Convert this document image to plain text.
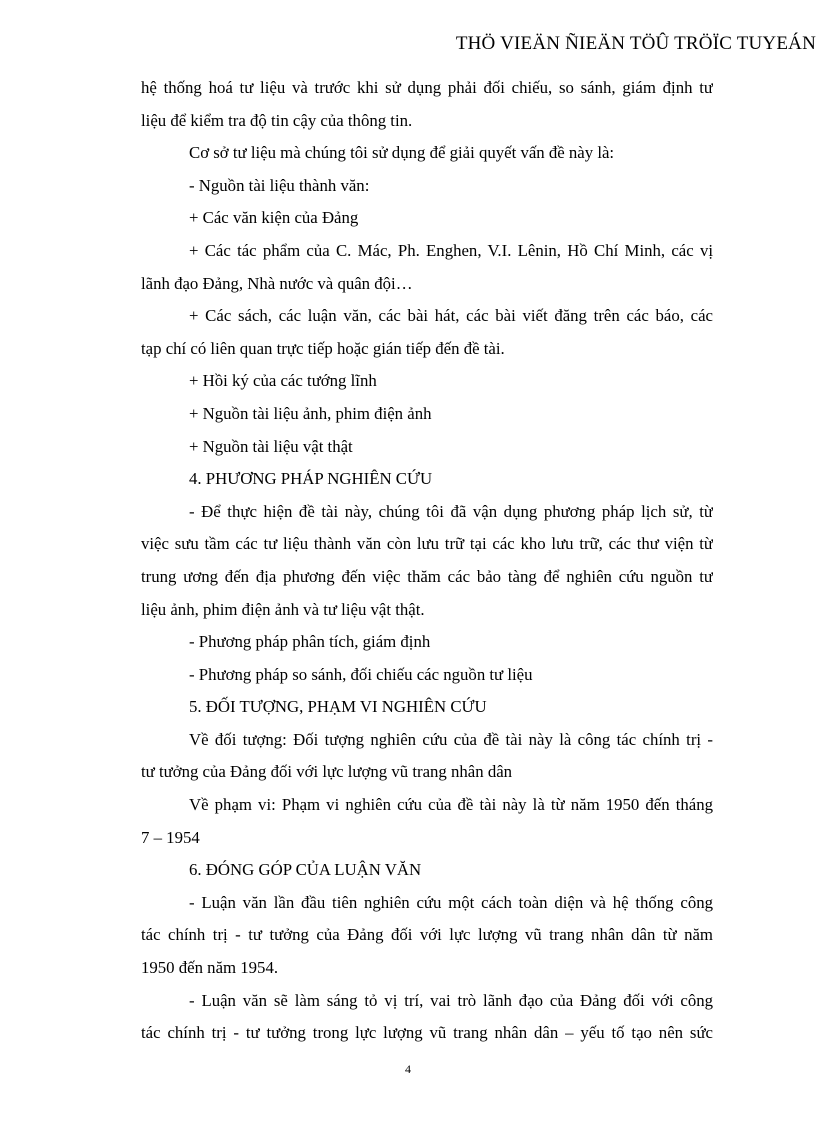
THÖ VIEÄN ÑIEÄN TÖÛ TRÖÏC TUYEÁN
hệ thống hoá tư liệu và trước khi sử dụng phải đối chiếu, so sánh, giám định tư
liệu để kiểm tra độ tin cậy của thông tin.
Cơ sở tư liệu mà chúng tôi sử dụng để giải quyết vấn đề này là:
- Nguồn tài liệu thành văn:
+ Các văn kiện của Đảng
+ Các tác phẩm của C. Mác, Ph. Enghen, V.I. Lênin, Hồ Chí Minh, các vị
lãnh đạo Đảng, Nhà nước và quân đội…
+ Các sách, các luận văn, các bài hát, các bài viết đăng trên các báo, các
tạp chí có liên quan trực tiếp hoặc gián tiếp đến đề tài.
+ Hồi ký của các tướng lĩnh
+ Nguồn tài liệu ảnh, phim điện ảnh
+ Nguồn tài liệu vật thật
4. PHƯƠNG PHÁP NGHIÊN CỨU
- Để thực hiện đề tài này, chúng tôi đã vận dụng phương pháp lịch sử, từ
việc sưu tầm các tư liệu thành văn còn lưu trữ tại các kho lưu trữ, các thư viện từ
trung ương đến địa phương đến việc thăm các bảo tàng để nghiên cứu nguồn tư
liệu ảnh, phim điện ảnh và tư liệu vật thật.
- Phương pháp phân tích, giám định
- Phương pháp so sánh, đối chiếu các nguồn tư liệu
5. ĐỐI TƯỢNG, PHẠM VI NGHIÊN CỨU
Về đối tượng: Đối tượng nghiên cứu của đề tài này là công tác chính trị -
tư tưởng của Đảng đối với lực lượng vũ trang nhân dân
Về phạm vi: Phạm vi nghiên cứu của đề tài này là từ năm 1950 đến tháng
7 – 1954
6. ĐÓNG GÓP CỦA LUẬN VĂN
- Luận văn lần đầu tiên nghiên cứu một cách toàn diện và hệ thống công
tác chính trị - tư tưởng của Đảng đối với lực lượng vũ trang nhân dân từ năm
1950 đến năm 1954.
- Luận văn sẽ làm sáng tỏ vị trí, vai trò lãnh đạo của Đảng đối với công
tác chính trị - tư tưởng trong lực lượng vũ trang nhân dân – yếu tố tạo nên sức
4
